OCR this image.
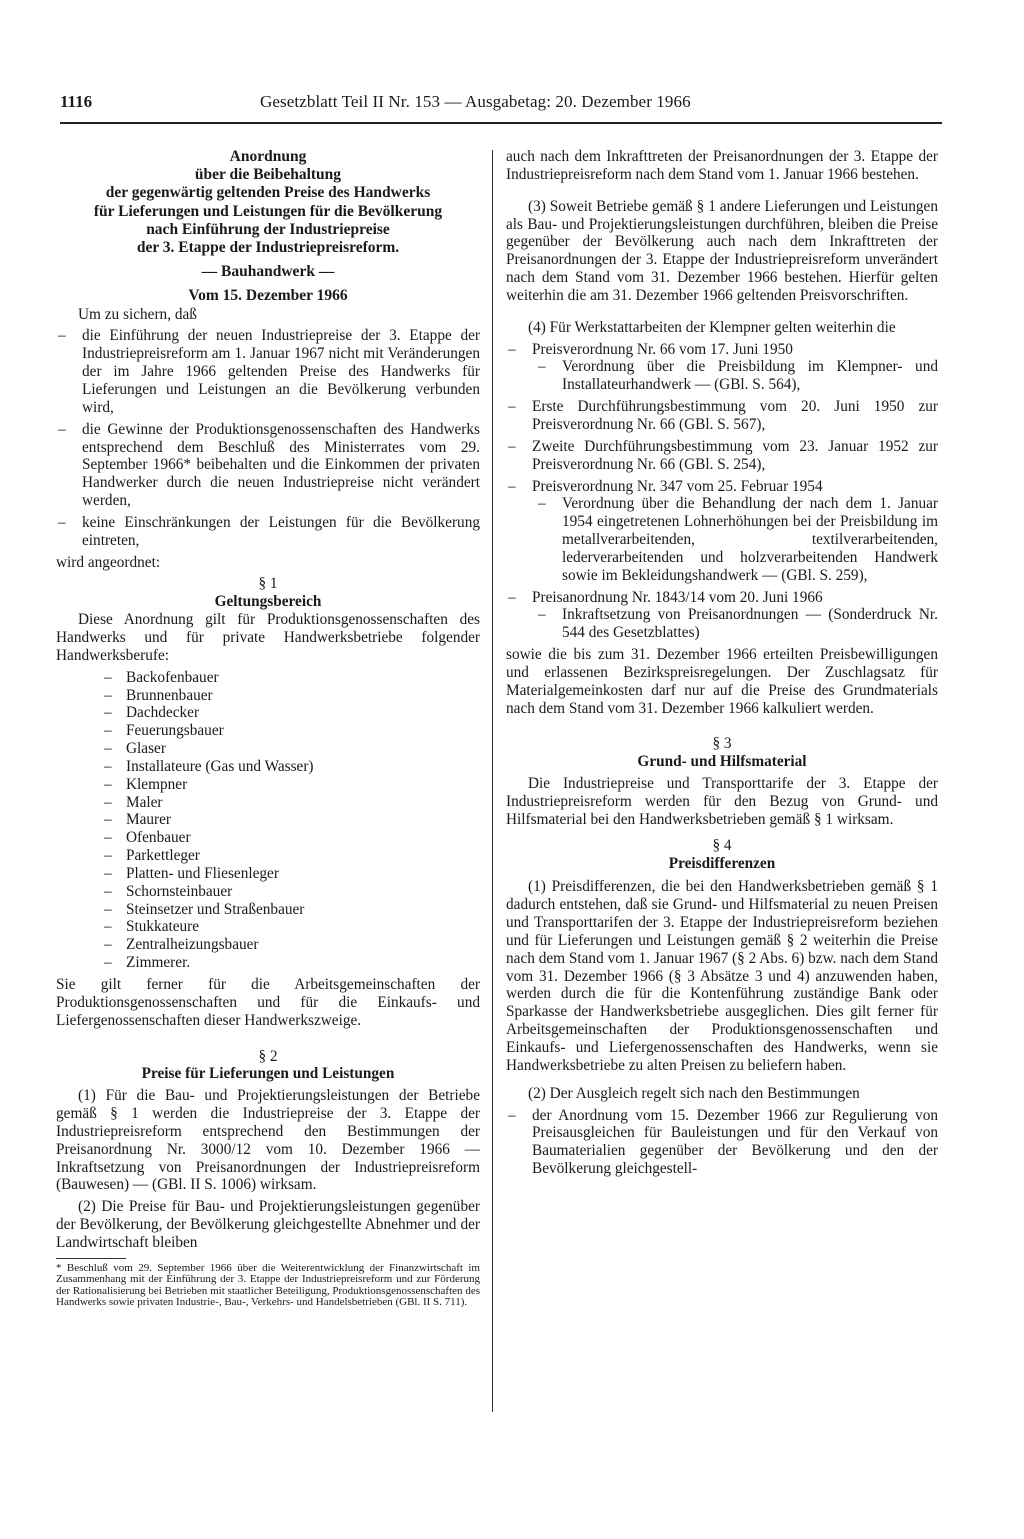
1116	Gesetzblatt Teil II Nr. 153 — Ausgabetag: 20. Dezember 1966

Anordnung

über die Beibehaltung

der gegenwärtig geltenden Preise des Handwerks

für Lieferungen und Leistungen für die Bevölkerung

nach Einführung der Industriepreise

der 3. Etappe der Industriepreisreform.

— Bauhandwerk —

Vom 15. Dezember 1966

Um zu sichern, daß

– die Einführung der neuen Industriepreise der 3. Etappe der Industriepreisreform am 1. Januar 1967 nicht mit Veränderungen der im Jahre 1966 geltenden Preise des Handwerks für Lieferungen und Leistungen an die Bevölkerung verbunden wird,

– die Gewinne der Produktionsgenossenschaften des Handwerks entsprechend dem Beschluß des Ministerrates vom 29. September 1966* beibehalten und die Einkommen der privaten Handwerker durch die neuen Industriepreise nicht verändert werden,

– keine Einschränkungen der Leistungen für die Bevölkerung eintreten,

wird angeordnet:

§ 1

Geltungsbereich

Diese Anordnung gilt für Produktionsgenossenschaften des Handwerks und für private Handwerksbetriebe folgender Handwerksberufe:

– Backofenbauer
– Brunnenbauer
– Dachdecker
– Feuerungsbauer
– Glaser
– Installateure (Gas und Wasser)
– Klempner
– Maler
– Maurer
– Ofenbauer
– Parkettleger
– Platten- und Fliesenleger
– Schornsteinbauer
– Steinsetzer und Straßenbauer
– Stukkateure
– Zentralheizungsbauer
– Zimmerer.

Sie gilt ferner für die Arbeitsgemeinschaften der Produktionsgenossenschaften und für die Einkaufs- und Liefergenossenschaften dieser Handwerkszweige.

§ 2

Preise für Lieferungen und Leistungen

(1) Für die Bau- und Projektierungsleistungen der Betriebe gemäß § 1 werden die Industriepreise der 3. Etappe der Industriepreisreform entsprechend den Bestimmungen der Preisanordnung Nr. 3000/12 vom 10. Dezember 1966 — Inkraftsetzung von Preisanordnungen der Industriepreisreform (Bauwesen) — (GBl. II S. 1006) wirksam.

(2) Die Preise für Bau- und Projektierungsleistungen gegenüber der Bevölkerung, der Bevölkerung gleichgestellte Abnehmer und der Landwirtschaft bleiben

* Beschluß vom 29. September 1966 über die Weiterentwicklung der Finanzwirtschaft im Zusammenhang mit der Einführung der 3. Etappe der Industriepreisreform und zur Förderung der Rationalisierung bei Betrieben mit staatlicher Beteiligung, Produktionsgenossenschaften des Handwerks sowie privaten Industrie-, Bau-, Verkehrs- und Handelsbetrieben (GBl. II S. 711).

auch nach dem Inkrafttreten der Preisanordnungen der 3. Etappe der Industriepreisreform nach dem Stand vom 1. Januar 1966 bestehen.

(3) Soweit Betriebe gemäß § 1 andere Lieferungen und Leistungen als Bau- und Projektierungsleistungen durchführen, bleiben die Preise gegenüber der Bevölkerung auch nach dem Inkrafttreten der Preisanordnungen der 3. Etappe der Industriepreisreform unverändert nach dem Stand vom 31. Dezember 1966 bestehen. Hierfür gelten weiterhin die am 31. Dezember 1966 geltenden Preisvorschriften.

(4) Für Werkstattarbeiten der Klempner gelten weiterhin die

– Preisverordnung Nr. 66 vom 17. Juni 1950

– Verordnung über die Preisbildung im Klempner- und Installateurhandwerk — (GBl. S. 564),

– Erste Durchführungsbestimmung vom 20. Juni 1950 zur Preisverordnung Nr. 66 (GBl. S. 567),

– Zweite Durchführungsbestimmung vom 23. Januar 1952 zur Preisverordnung Nr. 66 (GBl. S. 254),

– Preisverordnung Nr. 347 vom 25. Februar 1954

– Verordnung über die Behandlung der nach dem 1. Januar 1954 eingetretenen Lohnerhöhungen bei der Preisbildung im metallverarbeitenden, textilverarbeitenden, lederverarbeitenden und holzverarbeitenden Handwerk sowie im Bekleidungshandwerk — (GBl. S. 259),

– Preisanordnung Nr. 1843/14 vom 20. Juni 1966

– Inkraftsetzung von Preisanordnungen — (Sonderdruck Nr. 544 des Gesetzblattes)

sowie die bis zum 31. Dezember 1966 erteilten Preisbewilligungen und erlassenen Bezirkspreisregelungen. Der Zuschlagsatz für Materialgemeinkosten darf nur auf die Preise des Grundmaterials nach dem Stand vom 31. Dezember 1966 kalkuliert werden.

§ 3

Grund- und Hilfsmaterial

Die Industriepreise und Transporttarife der 3. Etappe der Industriepreisreform werden für den Bezug von Grund- und Hilfsmaterial bei den Handwerksbetrieben gemäß § 1 wirksam.

§ 4

Preisdifferenzen

(1) Preisdifferenzen, die bei den Handwerksbetrieben gemäß § 1 dadurch entstehen, daß sie Grund- und Hilfsmaterial zu neuen Preisen und Transporttarifen der 3. Etappe der Industriepreisreform beziehen und für Lieferungen und Leistungen gemäß § 2 weiterhin die Preise nach dem Stand vom 1. Januar 1967 (§ 2 Abs. 6) bzw. nach dem Stand vom 31. Dezember 1966 (§ 3 Absätze 3 und 4) anzuwenden haben, werden durch die für die Kontenführung zuständige Bank oder Sparkasse der Handwerksbetriebe ausgeglichen. Dies gilt ferner für Arbeitsgemeinschaften der Produktionsgenossenschaften und Einkaufs- und Liefergenossenschaften des Handwerks, wenn sie Handwerksbetriebe zu alten Preisen zu beliefern haben.

(2) Der Ausgleich regelt sich nach den Bestimmungen

– der Anordnung vom 15. Dezember 1966 zur Regulierung von Preisausgleichen für Bauleistungen und für den Verkauf von Baumaterialien gegenüber der Bevölkerung und den der Bevölkerung gleichgestell-
